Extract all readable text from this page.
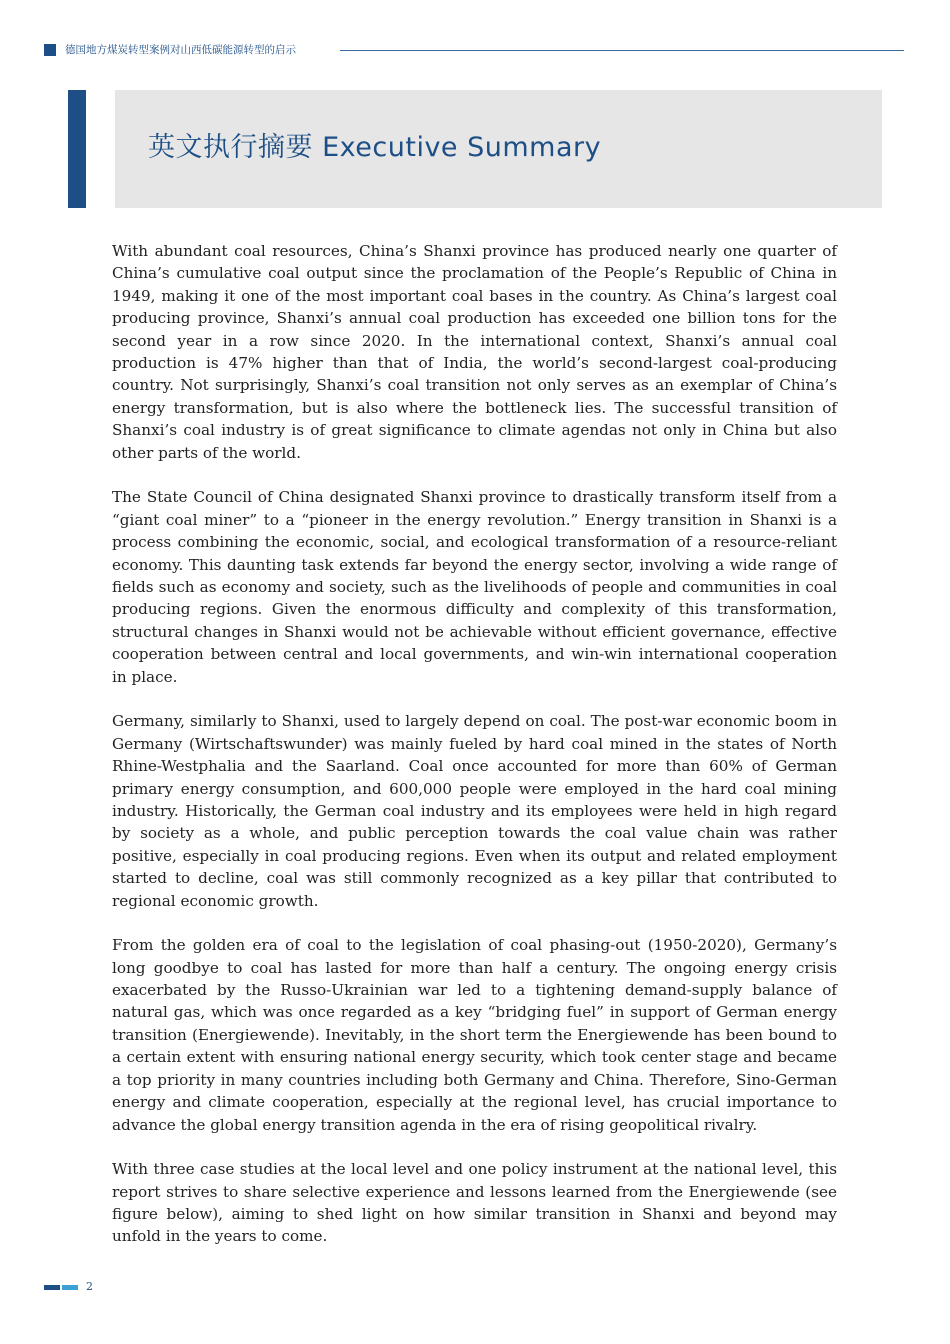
德国地方煤炭转型案例对山西低碳能源转型的启示
英文执行摘要 Executive Summary

With abundant coal resources, China’s Shanxi province has produced nearly one quarter of China’s cumulative coal output since the proclamation of the People’s Republic of China in 1949, making it one of the most important coal bases in the country. As China’s largest coal producing province, Shanxi’s annual coal production has exceeded one billion tons for the second year in a row since 2020. In the international context, Shanxi’s annual coal production is 47% higher than that of India, the world’s second-largest coal-producing country. Not surprisingly, Shanxi’s coal transition not only serves as an exemplar of China’s energy transformation, but is also where the bottleneck lies. The successful transition of Shanxi’s coal industry is of great significance to climate agendas not only in China but also other parts of the world.

The State Council of China designated Shanxi province to drastically transform itself from a “giant coal miner” to a “pioneer in the energy revolution.” Energy transition in Shanxi is a process combining the economic, social, and ecological transformation of a resource-reliant economy. This daunting task extends far beyond the energy sector, involving a wide range of fields such as economy and society, such as the livelihoods of people and communities in coal producing regions. Given the enormous difficulty and complexity of this transformation, structural changes in Shanxi would not be achievable without efficient governance, effective cooperation between central and local governments, and win-win international cooperation in place.

Germany, similarly to Shanxi, used to largely depend on coal. The post-war economic boom in Germany (Wirtschaftswunder) was mainly fueled by hard coal mined in the states of North Rhine-Westphalia and the Saarland. Coal once accounted for more than 60% of German primary energy consumption, and 600,000 people were employed in the hard coal mining industry. Historically, the German coal industry and its employees were held in high regard by society as a whole, and public perception towards the coal value chain was rather positive, especially in coal producing regions. Even when its output and related employment started to decline, coal was still commonly recognized as a key pillar that contributed to regional economic growth.

From the golden era of coal to the legislation of coal phasing-out (1950-2020), Germany’s long goodbye to coal has lasted for more than half a century. The ongoing energy crisis exacerbated by the Russo-Ukrainian war led to a tightening demand-supply balance of natural gas, which was once regarded as a key “bridging fuel” in support of German energy transition (Energiewende). Inevitably, in the short term the Energiewende has been bound to a certain extent with ensuring national energy security, which took center stage and became a top priority in many countries including both Germany and China. Therefore, Sino-German energy and climate cooperation, especially at the regional level, has crucial importance to advance the global energy transition agenda in the era of rising geopolitical rivalry.

With three case studies at the local level and one policy instrument at the national level, this report strives to share selective experience and lessons learned from the Energiewende (see figure below), aiming to shed light on how similar transition in Shanxi and beyond may unfold in the years to come.

2
